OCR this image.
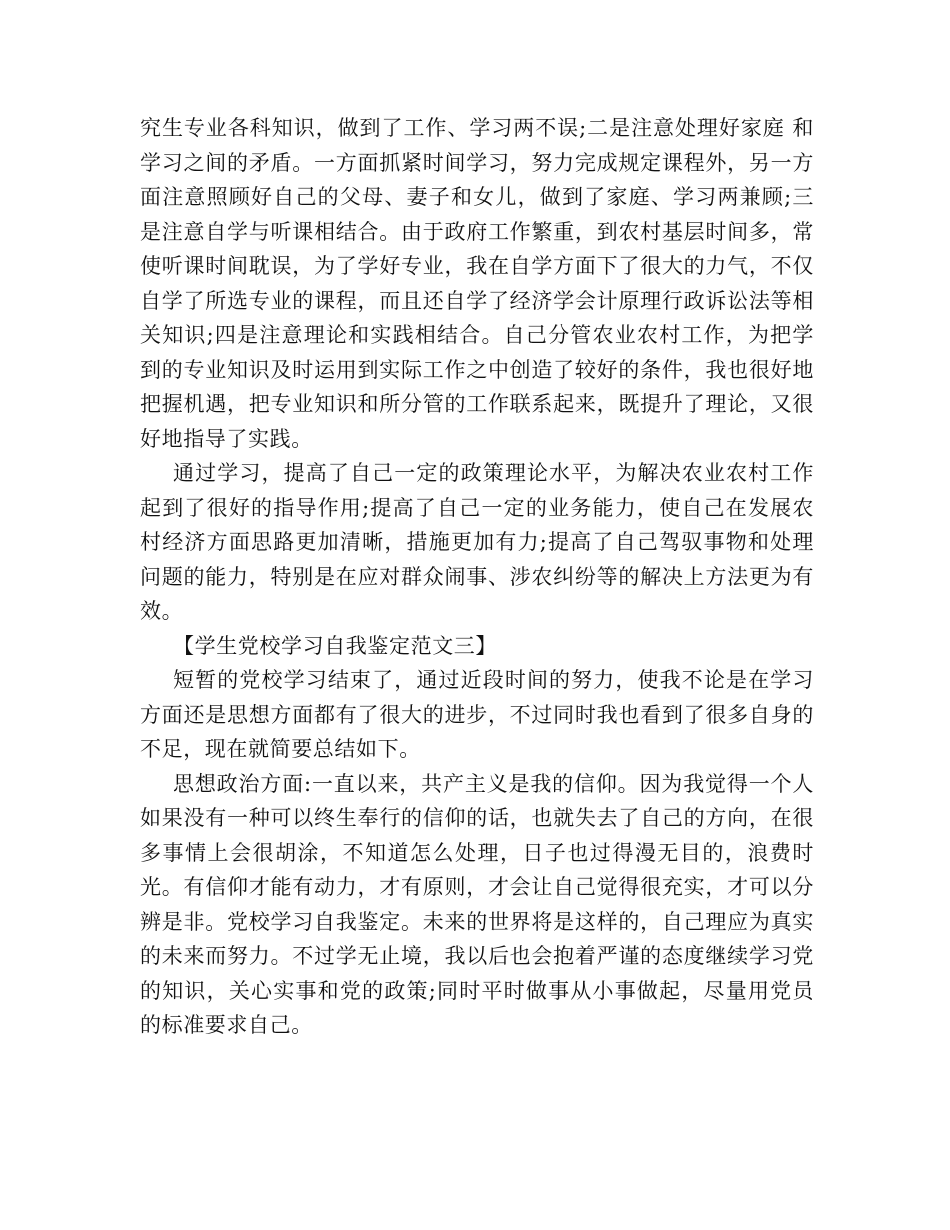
究生专业各科知识，做到了工作、学习两不误;二是注意处理好家庭 和学习之间的矛盾。一方面抓紧时间学习，努力完成规定课程外，另一方面注意照顾好自己的父母、妻子和女儿，做到了家庭、学习两兼顾;三是注意自学与听课相结合。由于政府工作繁重，到农村基层时间多，常使听课时间耽误，为了学好专业，我在自学方面下了很大的力气，不仅自学了所选专业的课程，而且还自学了经济学会计原理行政诉讼法等相关知识;四是注意理论和实践相结合。自己分管农业农村工作，为把学到的专业知识及时运用到实际工作之中创造了较好的条件，我也很好地把握机遇，把专业知识和所分管的工作联系起来，既提升了理论，又很好地指导了实践。

通过学习，提高了自己一定的政策理论水平，为解决农业农村工作起到了很好的指导作用;提高了自己一定的业务能力，使自己在发展农村经济方面思路更加清晰，措施更加有力;提高了自己驾驭事物和处理问题的能力，特别是在应对群众闹事、涉农纠纷等的解决上方法更为有效。

【学生党校学习自我鉴定范文三】

短暂的党校学习结束了，通过近段时间的努力，使我不论是在学习方面还是思想方面都有了很大的进步，不过同时我也看到了很多自身的不足，现在就简要总结如下。

思想政治方面:一直以来，共产主义是我的信仰。因为我觉得一个人如果没有一种可以终生奉行的信仰的话，也就失去了自己的方向，在很多事情上会很胡涂，不知道怎么处理，日子也过得漫无目的，浪费时光。有信仰才能有动力，才有原则，才会让自己觉得很充实，才可以分辨是非。党校学习自我鉴定。未来的世界将是这样的，自己理应为真实的未来而努力。不过学无止境，我以后也会抱着严谨的态度继续学习党的知识，关心实事和党的政策;同时平时做事从小事做起，尽量用党员的标准要求自己。
